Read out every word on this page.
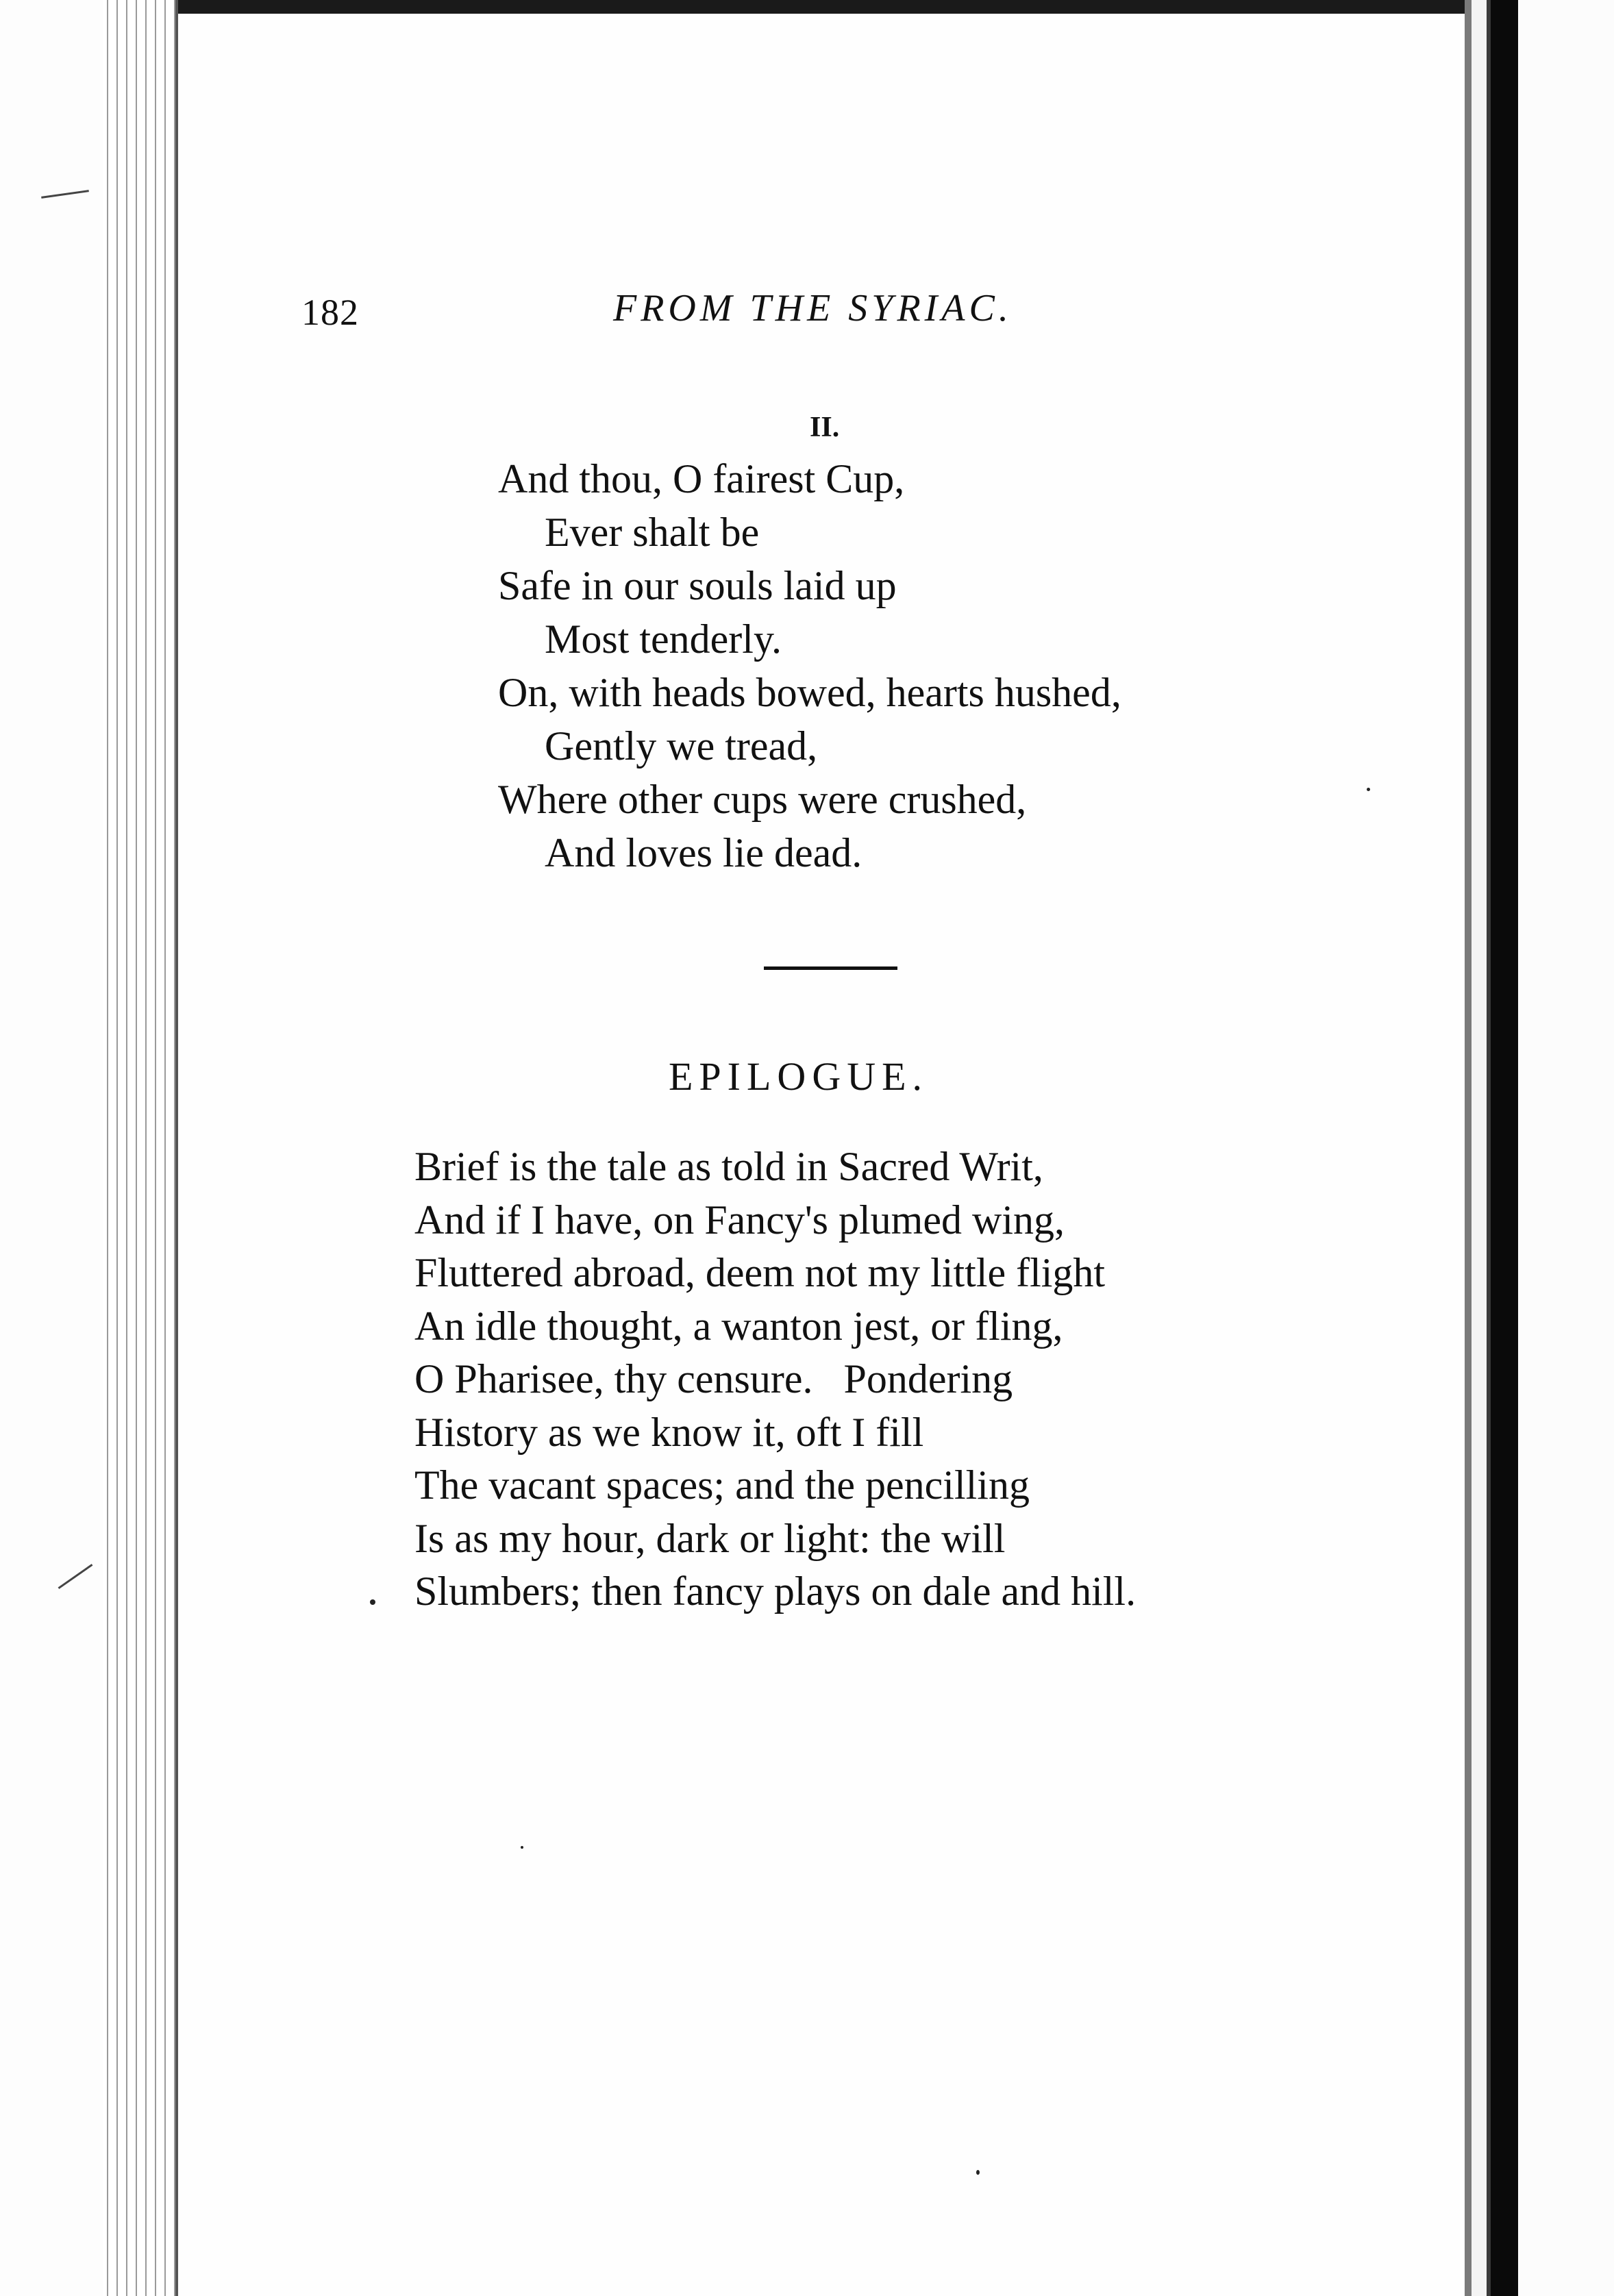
182	FROM THE SYRIAC.
II.
And thou, O fairest Cup,
Ever shalt be
Safe in our souls laid up
Most tenderly.
On, with heads bowed, hearts hushed,
Gently we tread,
Where other cups were crushed,
And loves lie dead.
EPILOGUE.
Brief is the tale as told in Sacred Writ,
And if I have, on Fancy's plumed wing,
Fluttered abroad, deem not my little flight
An idle thought, a wanton jest, or fling,
O Pharisee, thy censure.   Pondering
History as we know it, oft I fill
The vacant spaces; and the pencilling
Is as my hour, dark or light: the will
Slumbers; then fancy plays on dale and hill.
